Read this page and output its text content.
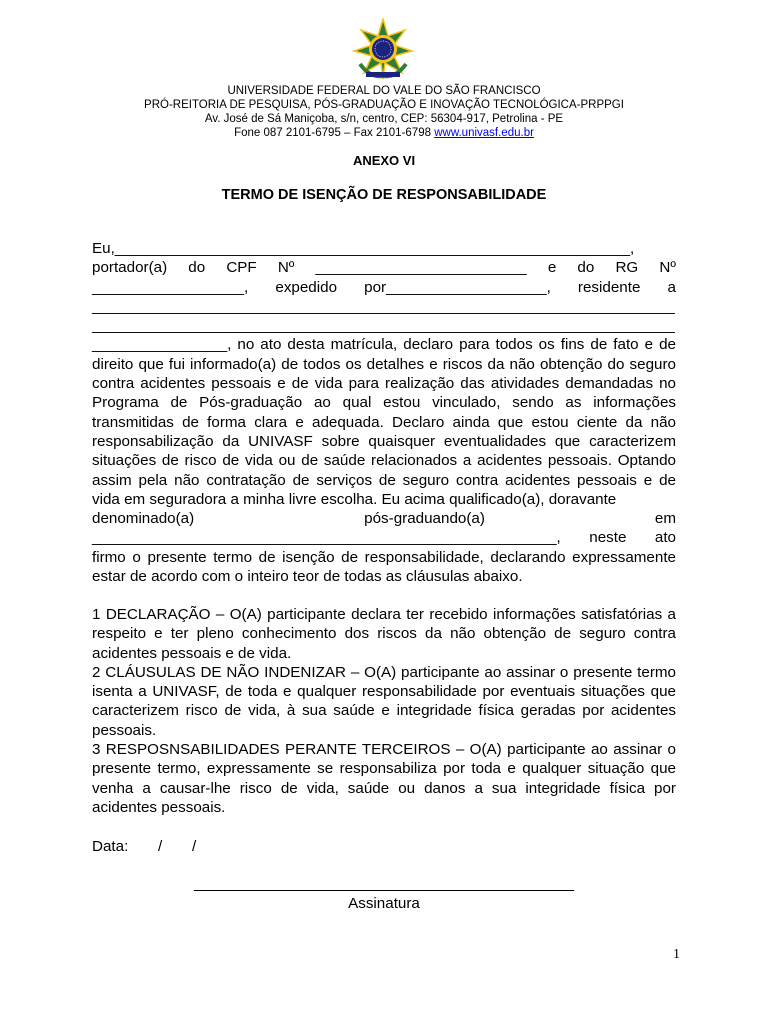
UNIVERSIDADE FEDERAL DO VALE DO SÃO FRANCISCO
PRÓ-REITORIA DE PESQUISA, PÓS-GRADUAÇÃO E INOVAÇÃO TECNOLÓGICA-PRPPGI
Av. José de Sá Maniçoba, s/n, centro, CEP: 56304-917, Petrolina - PE
Fone 087 2101-6795 – Fax 2101-6798 www.univasf.edu.br
ANEXO VI
TERMO DE ISENÇÃO DE RESPONSABILIDADE
Eu,_____________________________________________________________,
portador(a) do CPF Nº _________________________ e do RG Nº
__________________, expedido por___________________, residente a
_____________________________________________________________________
_____________________________________________________________________
________________, no ato desta matrícula, declaro para todos os fins de fato e de direito que fui informado(a) de todos os detalhes e riscos da não obtenção do seguro contra acidentes pessoais e de vida para realização das atividades demandadas no Programa de Pós-graduação ao qual estou vinculado, sendo as informações transmitidas de forma clara e adequada. Declaro ainda que estou ciente da não responsabilização da UNIVASF sobre quaisquer eventualidades que caracterizem situações de risco de vida ou de saúde relacionados a acidentes pessoais. Optando assim pela não contratação de serviços de seguro contra acidentes pessoais e de vida em seguradora a minha livre escolha. Eu acima qualificado(a), doravante
denominado(a)	pós-graduando(a)	em
_______________________________________________________, neste ato
firmo o presente termo de isenção de responsabilidade, declarando expressamente estar de acordo com o inteiro teor de todas as cláusulas abaixo.
1 DECLARAÇÃO – O(A) participante declara ter recebido informações satisfatórias a respeito e ter pleno conhecimento dos riscos da não obtenção de seguro contra acidentes pessoais e de vida.
2 CLÁUSULAS DE NÃO INDENIZAR – O(A) participante ao assinar o presente termo isenta a UNIVASF, de toda e qualquer responsabilidade por eventuais situações que caracterizem risco de vida, à sua saúde e integridade física geradas por acidentes pessoais.
3 RESPOSNSABILIDADES PERANTE TERCEIROS – O(A) participante ao assinar o presente termo, expressamente se responsabiliza por toda e qualquer situação que venha a causar-lhe risco de vida, saúde ou danos a sua integridade física por acidentes pessoais.
Data: / /
Assinatura
1
